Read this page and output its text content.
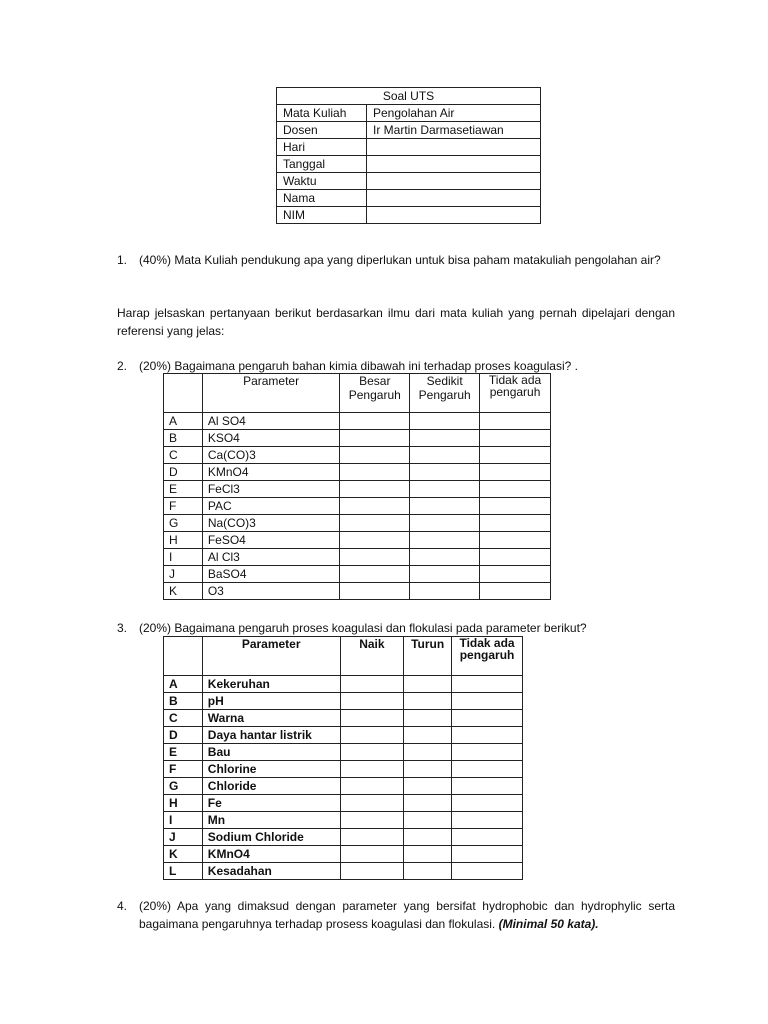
Soal UTS	
Mata Kuliah	Pengolahan Air
Dosen	Ir Martin Darmasetiawan
Hari	
Tanggal	
Waktu	
Nama	
NIM	
1. (40%) Mata Kuliah pendukung apa yang diperlukan untuk bisa paham matakuliah pengolahan air?
Harap jelsaskan pertanyaan berikut berdasarkan ilmu dari mata kuliah yang pernah dipelajari dengan referensi yang jelas:
2. (20%) Bagaimana pengaruh bahan kimia dibawah ini terhadap proses koagulasi? .
	Parameter	Besar Pengaruh	Sedikit Pengaruh	Tidak ada pengaruh
A	Al SO4			
B	KSO4			
C	Ca(CO)3			
D	KMnO4			
E	FeCl3			
F	PAC			
G	Na(CO)3			
H	FeSO4			
I	Al Cl3			
J	BaSO4			
K	O3			
3. (20%) Bagaimana pengaruh proses koagulasi dan flokulasi pada parameter berikut?
	Parameter	Naik	Turun	Tidak ada pengaruh
A	Kekeruhan			
B	pH			
C	Warna			
D	Daya hantar listrik			
E	Bau			
F	Chlorine			
G	Chloride			
H	Fe			
I	Mn			
J	Sodium Chloride			
K	KMnO4			
L	Kesadahan			
4. (20%) Apa yang dimaksud dengan parameter yang bersifat hydrophobic dan hydrophylic serta bagaimana pengaruhnya terhadap prosess koagulasi dan flokulasi. (Minimal 50 kata).
